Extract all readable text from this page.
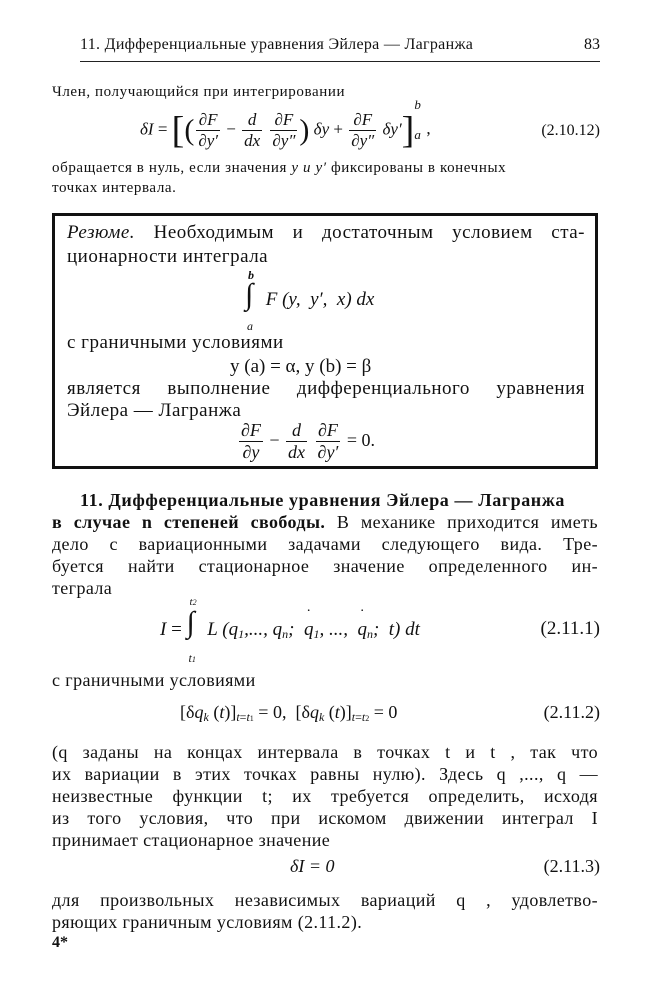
11. Дифференциальные уравнения Эйлера — Лагранжа	83
Член, получающийся при интегрировании
δI = [( $\frac{\partial F}{\partial y'} - \frac{d}{dx}$
$\frac{\partial F}{\partial y''}$ ) $\delta y + \frac{\partial F}{\partial y''} \delta y'$]
b
a ,	(2.10.12)
обращается в нуль, если значения y и y′ фиксированы в конечных
точках интервала.
Резюме. Необходимым и достаточным условием ста-
ционарности интеграла
b
∫
a
F (y,  y′,  x) dx
с граничными условиями
y (a) = α, y (b) = β
является выполнение дифференциального уравнения
Эйлера — Лагранжа
$\frac{\partial F}{\partial y} - \frac{d}{dx}$
$\frac{\partial F}{\partial y'} = 0$.
11. Дифференциальные уравнения Эйлера — Лагранжа
в случае n степеней свободы. В механике приходится иметь
дело с вариационными задачами следующего вида. Тре-
буется найти стационарное значение определенного ин-
теграла
I =
t2
∫
t1
L ($q_1$,..., $q_n$;  ˙ $q_1$, ...,  ˙ $q_n$;  t) dt	(2.11.1)
с граничными условиями
[$\delta q_k$ $(t)]_{t=t1} = 0$,  [$\delta q_k$ $(t)]_{t=t2} = 0$	(2.11.2)
(q заданы на концах интервала в точках t и t , так что
их вариации в этих точках равны нулю). Здесь q ,..., q —
неизвестные функции t; их требуется определить, исходя
из того условия, что при искомом движении интеграл I
принимает стационарное значение
δI = 0	(2.11.3)
для произвольных независимых вариаций q , удовлетво-
ряющих граничным условиям (2.11.2).
4*
